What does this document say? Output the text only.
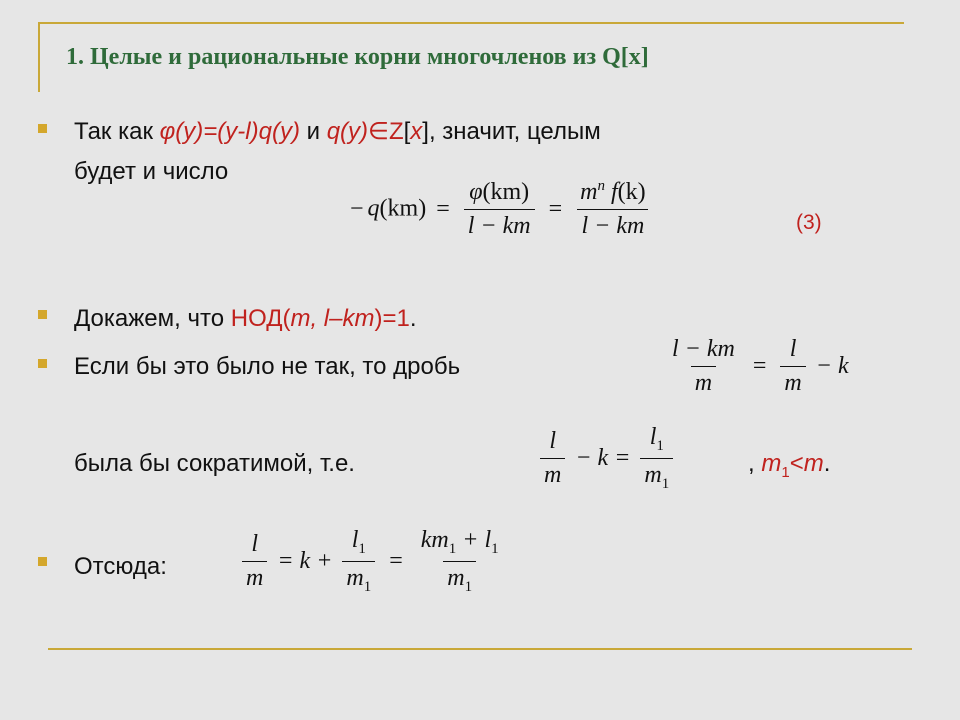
1. Целые и рациональные корни многочленов из Q[x]
Так как φ(y)=(y-l)q(y) и q(y)∈Z[x], значит, целым
будет и число
− $q(km) = \frac{\varphi(km)}{l - km} = \frac{m^n f(k)}{l - km}$	(3)
Докажем, что НОД(m, l–km)=1.
Если бы это было не так, то дробь	$\frac{l - km}{m} = \frac{l}{m} - k$
была бы сократимой, т.е.	$\frac{l}{m} - k = \frac{l_1}{m_1}$	, $m_1<m$.
Отсюда:	$\frac{l}{m} = k + \frac{l_1}{m_1} = \frac{km_1 + l_1}{m_1}$
